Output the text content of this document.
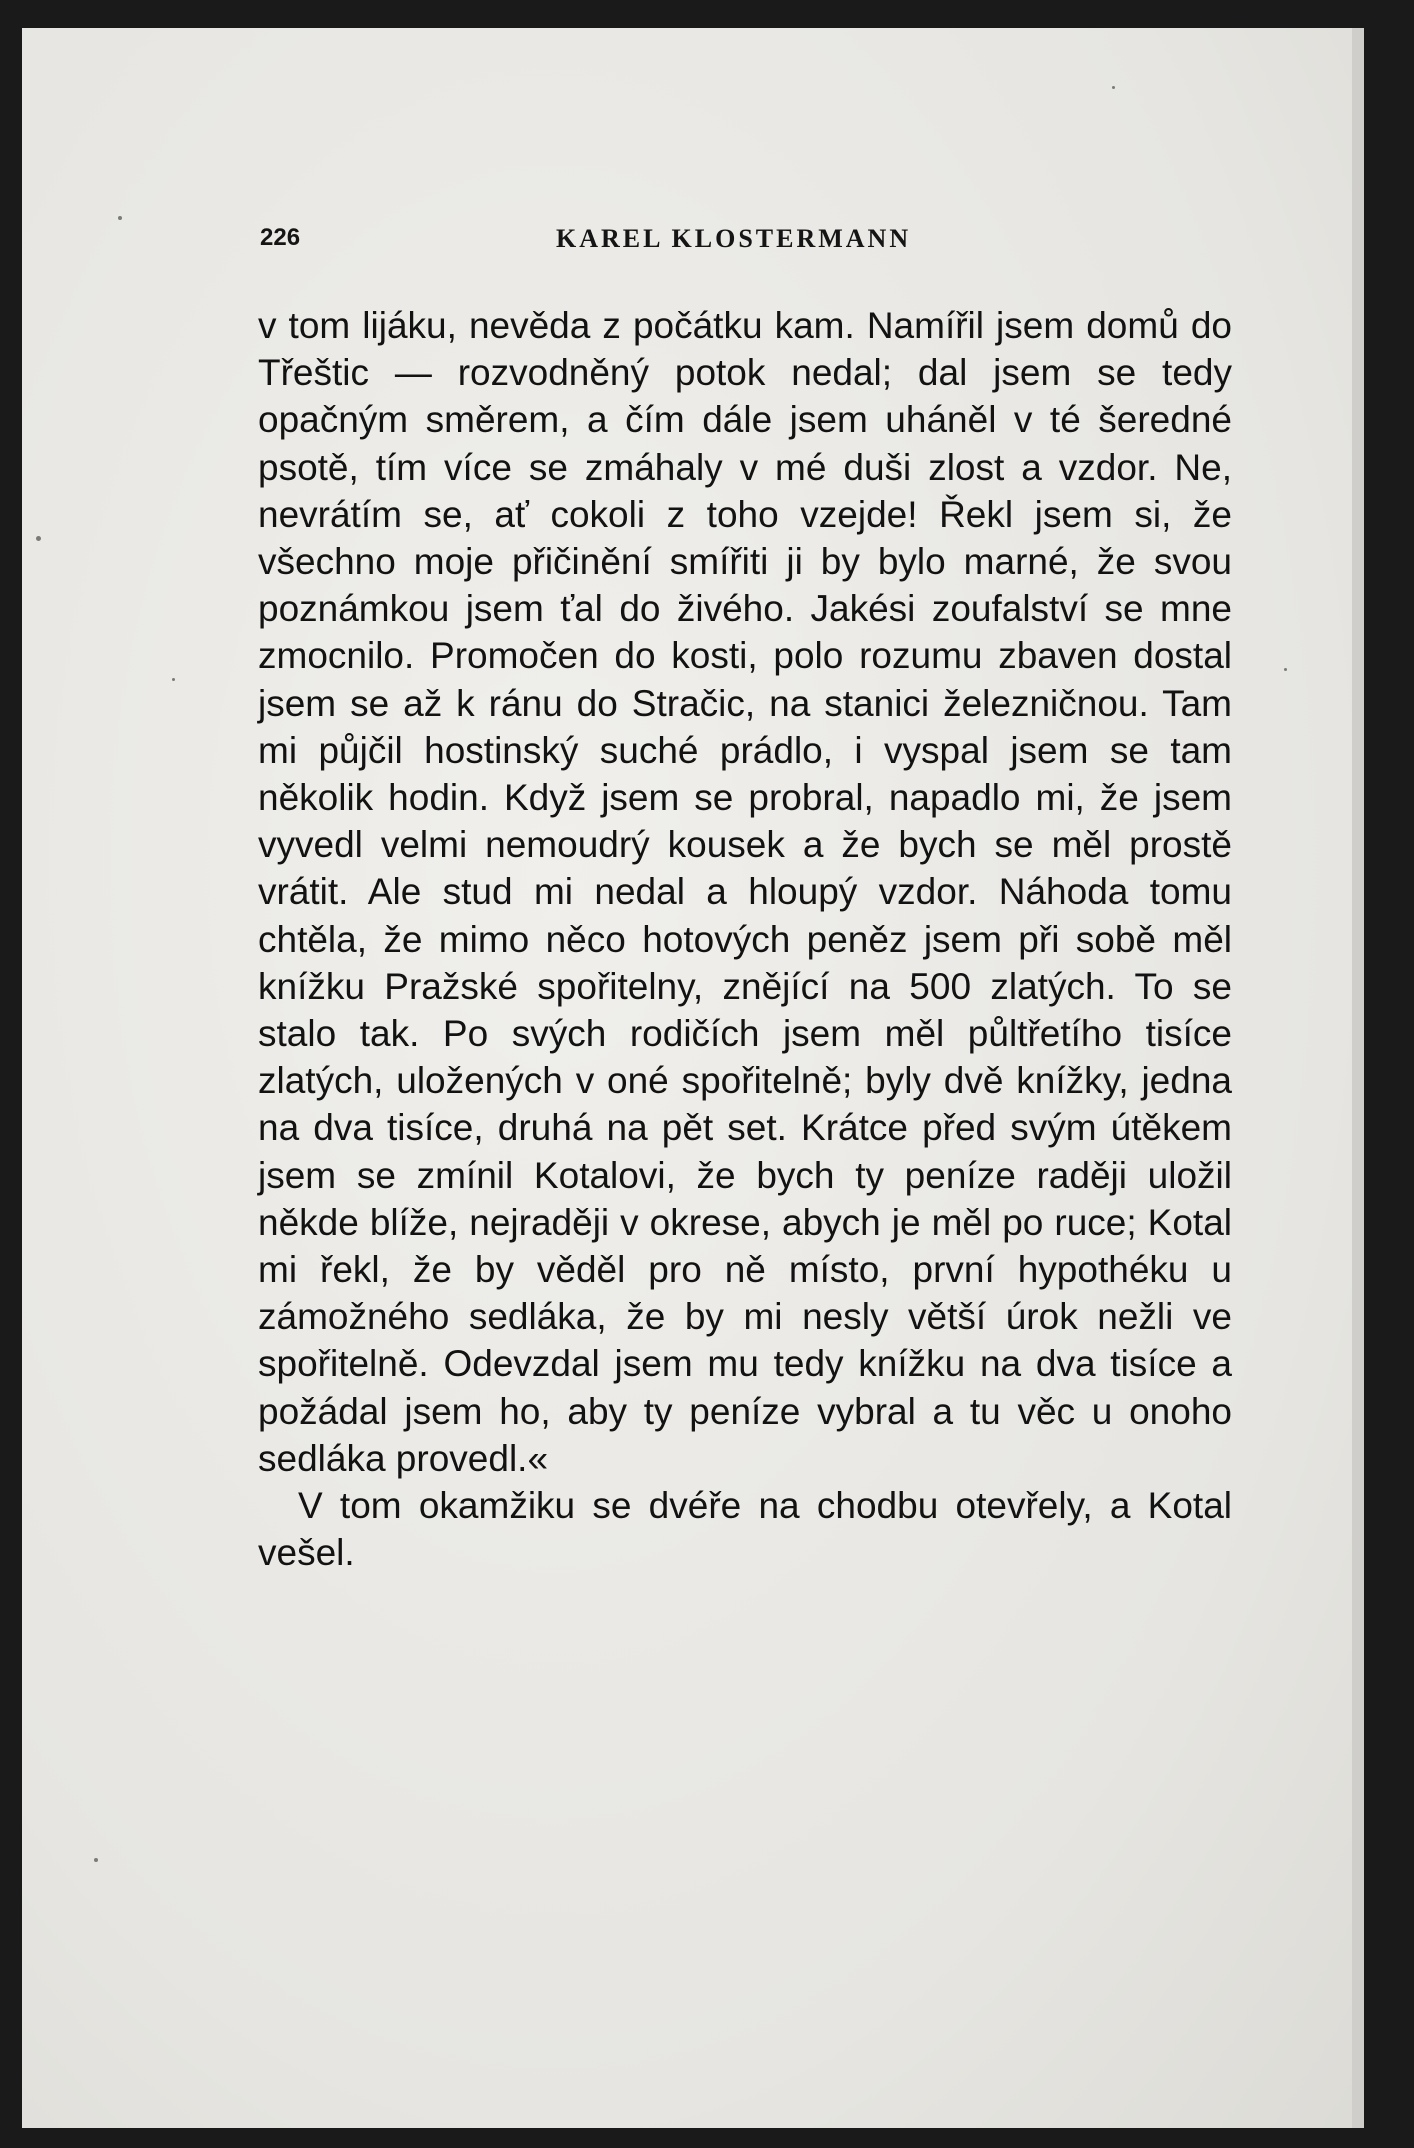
226	KAREL KLOSTERMANN

v tom lijáku, nevěda z počátku kam. Namířil jsem domů do Třeštic — rozvodněný potok nedal; dal jsem se tedy opačným směrem, a čím dále jsem uháněl v té šeredné psotě, tím více se zmáhaly v mé duši zlost a vzdor. Ne, nevrátím se, ať cokoli z toho vzejde! Řekl jsem si, že všechno moje přičinění smířiti ji by bylo marné, že svou poznámkou jsem ťal do živého. Jakési zoufalství se mne zmocnilo. Promočen do kosti, polo rozumu zbaven dostal jsem se až k ránu do Stračic, na stanici železničnou. Tam mi půjčil hostinský suché prádlo, i vyspal jsem se tam několik hodin. Když jsem se probral, napadlo mi, že jsem vyvedl velmi nemoudrý kousek a že bych se měl prostě vrátit. Ale stud mi nedal a hloupý vzdor. Náhoda tomu chtěla, že mimo něco hotových peněz jsem při sobě měl knížku Pražské spořitelny, znějící na 500 zlatých. To se stalo tak. Po svých rodičích jsem měl půltřetího tisíce zlatých, uložených v oné spořitelně; byly dvě knížky, jedna na dva tisíce, druhá na pět set. Krátce před svým útěkem jsem se zmínil Kotalovi, že bych ty peníze raději uložil někde blíže, nejraději v okrese, abych je měl po ruce; Kotal mi řekl, že by věděl pro ně místo, první hypothéku u zámožného sedláka, že by mi nesly větší úrok nežli ve spořitelně. Odevzdal jsem mu tedy knížku na dva tisíce a požádal jsem ho, aby ty peníze vybral a tu věc u onoho sedláka provedl.«

V tom okamžiku se dvéře na chodbu otevřely, a Kotal vešel.
